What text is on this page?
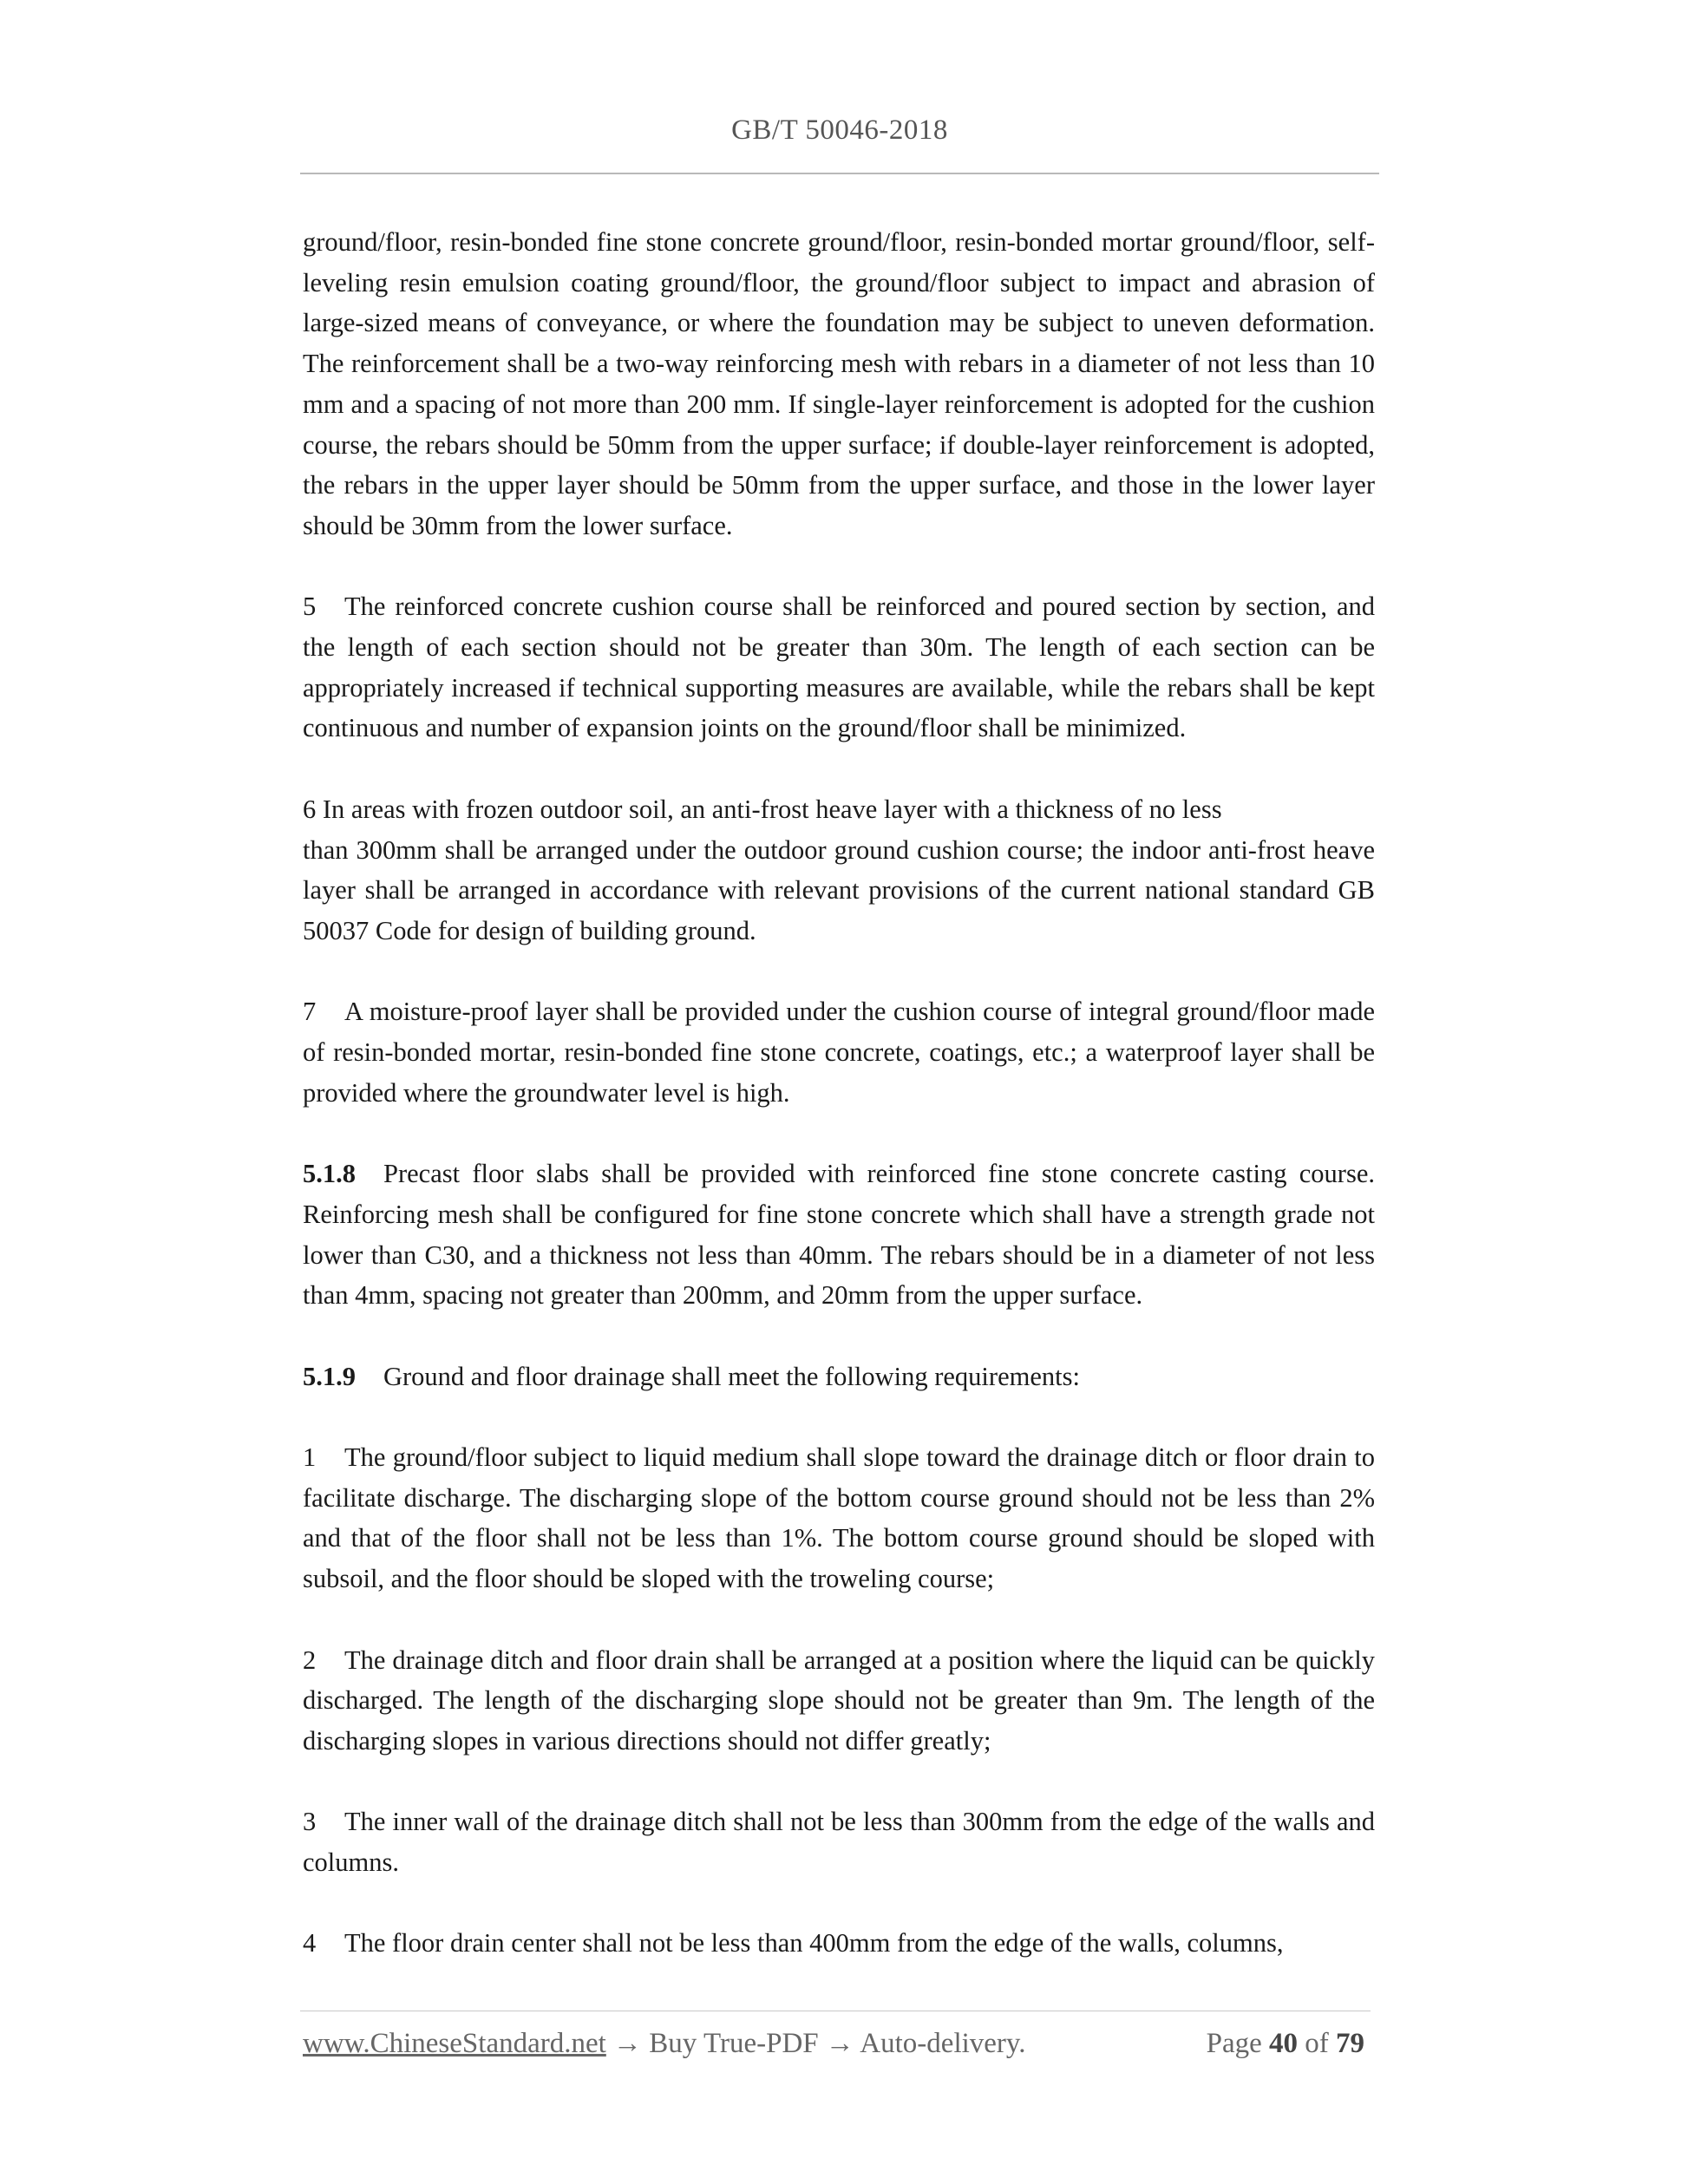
GB/T 50046-2018

ground/floor, resin-bonded fine stone concrete ground/floor, resin-bonded mortar ground/floor, self-leveling resin emulsion coating ground/floor, the ground/floor subject to impact and abrasion of large-sized means of conveyance, or where the foundation may be subject to uneven deformation. The reinforcement shall be a two-way reinforcing mesh with rebars in a diameter of not less than 10 mm and a spacing of not more than 200 mm. If single-layer reinforcement is adopted for the cushion course, the rebars should be 50mm from the upper surface; if double-layer reinforcement is adopted, the rebars in the upper layer should be 50mm from the upper surface, and those in the lower layer should be 30mm from the lower surface.

5 The reinforced concrete cushion course shall be reinforced and poured section by section, and the length of each section should not be greater than 30m. The length of each section can be appropriately increased if technical supporting measures are available, while the rebars shall be kept continuous and number of expansion joints on the ground/floor shall be minimized.

6 In areas with frozen outdoor soil, an anti-frost heave layer with a thickness of no less
than 300mm shall be arranged under the outdoor ground cushion course; the indoor anti-frost heave layer shall be arranged in accordance with relevant provisions of the current national standard GB 50037 Code for design of building ground.

7 A moisture-proof layer shall be provided under the cushion course of integral ground/floor made of resin-bonded mortar, resin-bonded fine stone concrete, coatings, etc.; a waterproof layer shall be provided where the groundwater level is high.

5.1.8 Precast floor slabs shall be provided with reinforced fine stone concrete casting course. Reinforcing mesh shall be configured for fine stone concrete which shall have a strength grade not lower than C30, and a thickness not less than 40mm. The rebars should be in a diameter of not less than 4mm, spacing not greater than 200mm, and 20mm from the upper surface.

5.1.9 Ground and floor drainage shall meet the following requirements:

1 The ground/floor subject to liquid medium shall slope toward the drainage ditch or floor drain to facilitate discharge. The discharging slope of the bottom course ground should not be less than 2% and that of the floor shall not be less than 1%. The bottom course ground should be sloped with subsoil, and the floor should be sloped with the troweling course;

2 The drainage ditch and floor drain shall be arranged at a position where the liquid can be quickly discharged. The length of the discharging slope should not be greater than 9m. The length of the discharging slopes in various directions should not differ greatly;

3 The inner wall of the drainage ditch shall not be less than 300mm from the edge of the walls and columns.

4 The floor drain center shall not be less than 400mm from the edge of the walls, columns,

www.ChineseStandard.net → Buy True-PDF → Auto-delivery.	Page 40 of 79
